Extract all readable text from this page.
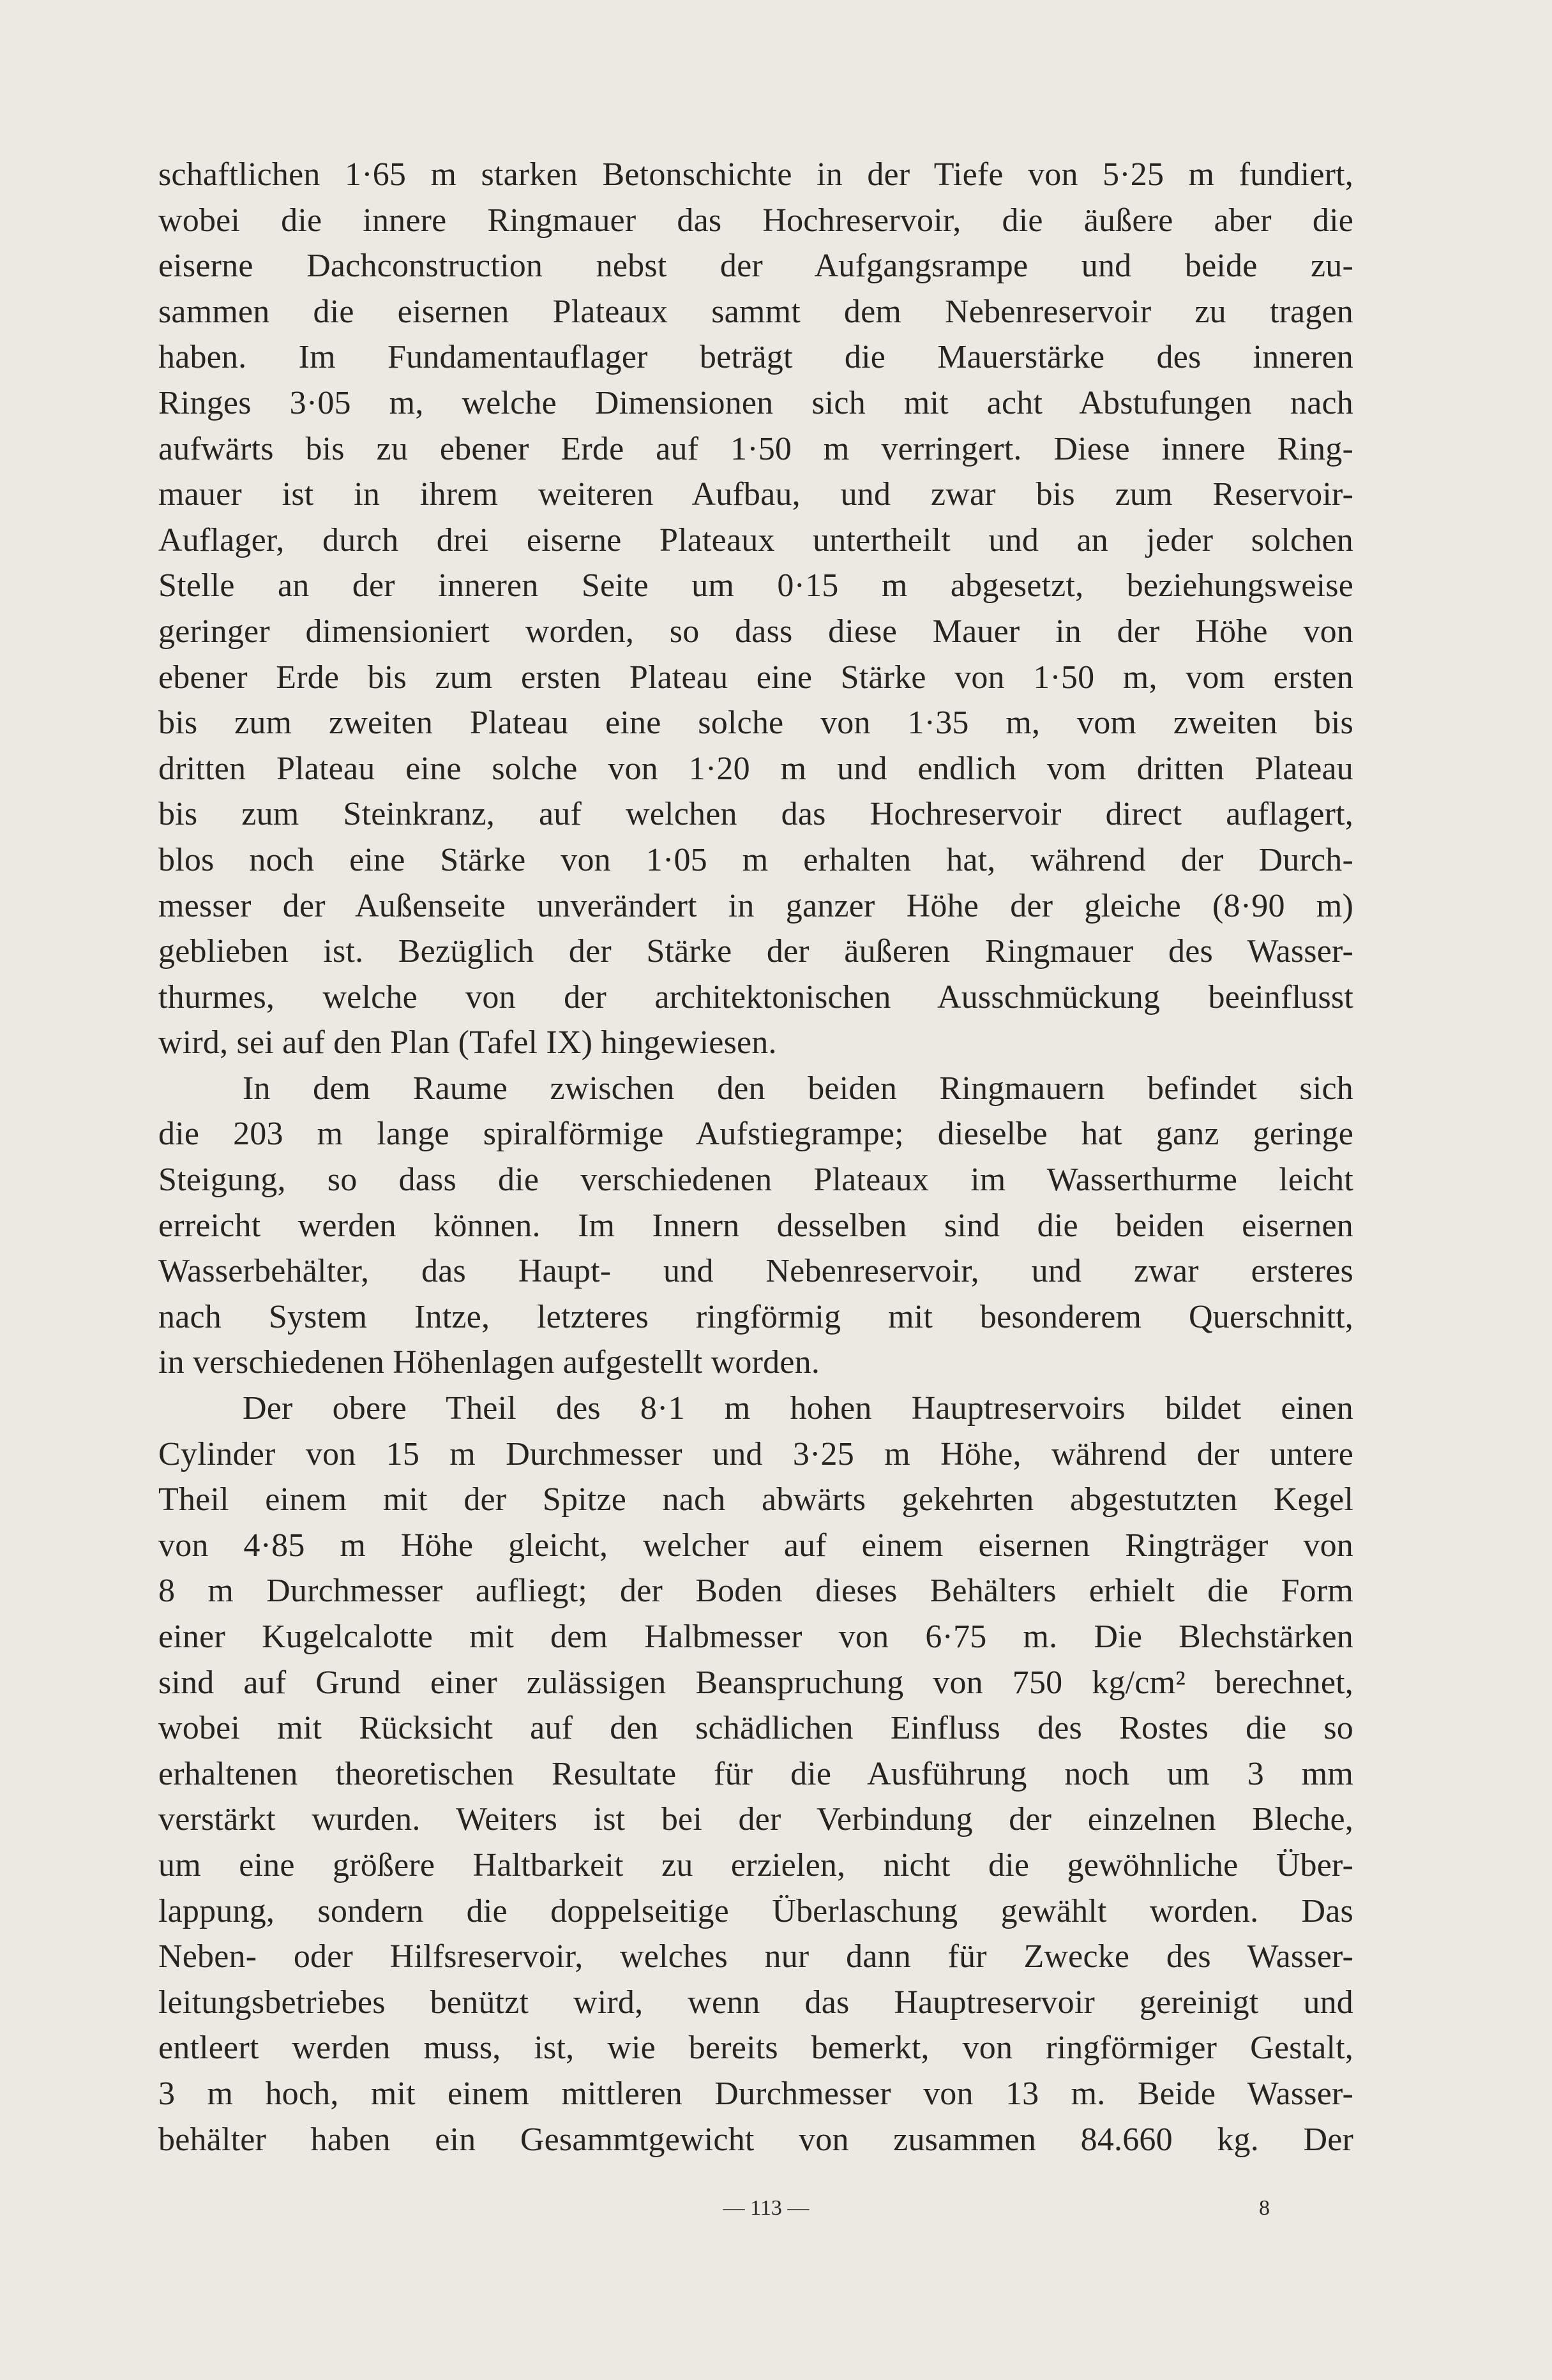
schaftlichen 1·65 m starken Betonschichte in der Tiefe von 5·25 m fundiert,
wobei die innere Ringmauer das Hochreservoir, die äußere aber die
eiserne Dachconstruction nebst der Aufgangsrampe und beide zu-
sammen die eisernen Plateaux sammt dem Nebenreservoir zu tragen
haben. Im Fundamentauflager beträgt die Mauerstärke des inneren
Ringes 3·05 m, welche Dimensionen sich mit acht Abstufungen nach
aufwärts bis zu ebener Erde auf 1·50 m verringert. Diese innere Ring-
mauer ist in ihrem weiteren Aufbau, und zwar bis zum Reservoir-
Auflager, durch drei eiserne Plateaux untertheilt und an jeder solchen
Stelle an der inneren Seite um 0·15 m abgesetzt, beziehungsweise
geringer dimensioniert worden, so dass diese Mauer in der Höhe von
ebener Erde bis zum ersten Plateau eine Stärke von 1·50 m, vom ersten
bis zum zweiten Plateau eine solche von 1·35 m, vom zweiten bis
dritten Plateau eine solche von 1·20 m und endlich vom dritten Plateau
bis zum Steinkranz, auf welchen das Hochreservoir direct auflagert,
blos noch eine Stärke von 1·05 m erhalten hat, während der Durch-
messer der Außenseite unverändert in ganzer Höhe der gleiche (8·90 m)
geblieben ist. Bezüglich der Stärke der äußeren Ringmauer des Wasser-
thurmes, welche von der architektonischen Ausschmückung beeinflusst
wird, sei auf den Plan (Tafel IX) hingewiesen.

In dem Raume zwischen den beiden Ringmauern befindet sich
die 203 m lange spiralförmige Aufstiegrampe; dieselbe hat ganz geringe
Steigung, so dass die verschiedenen Plateaux im Wasserthurme leicht
erreicht werden können. Im Innern desselben sind die beiden eisernen
Wasserbehälter, das Haupt- und Nebenreservoir, und zwar ersteres
nach System Intze, letzteres ringförmig mit besonderem Querschnitt,
in verschiedenen Höhenlagen aufgestellt worden.

Der obere Theil des 8·1 m hohen Hauptreservoirs bildet einen
Cylinder von 15 m Durchmesser und 3·25 m Höhe, während der untere
Theil einem mit der Spitze nach abwärts gekehrten abgestutzten Kegel
von 4·85 m Höhe gleicht, welcher auf einem eisernen Ringträger von
8 m Durchmesser aufliegt; der Boden dieses Behälters erhielt die Form
einer Kugelcalotte mit dem Halbmesser von 6·75 m. Die Blechstärken
sind auf Grund einer zulässigen Beanspruchung von 750 kg/cm² berechnet,
wobei mit Rücksicht auf den schädlichen Einfluss des Rostes die so
erhaltenen theoretischen Resultate für die Ausführung noch um 3 mm
verstärkt wurden. Weiters ist bei der Verbindung der einzelnen Bleche,
um eine größere Haltbarkeit zu erzielen, nicht die gewöhnliche Über-
lappung, sondern die doppelseitige Überlaschung gewählt worden. Das
Neben- oder Hilfsreservoir, welches nur dann für Zwecke des Wasser-
leitungsbetriebes benützt wird, wenn das Hauptreservoir gereinigt und
entleert werden muss, ist, wie bereits bemerkt, von ringförmiger Gestalt,
3 m hoch, mit einem mittleren Durchmesser von 13 m. Beide Wasser-
behälter haben ein Gesammtgewicht von zusammen 84.660 kg. Der

— 113 —	8
